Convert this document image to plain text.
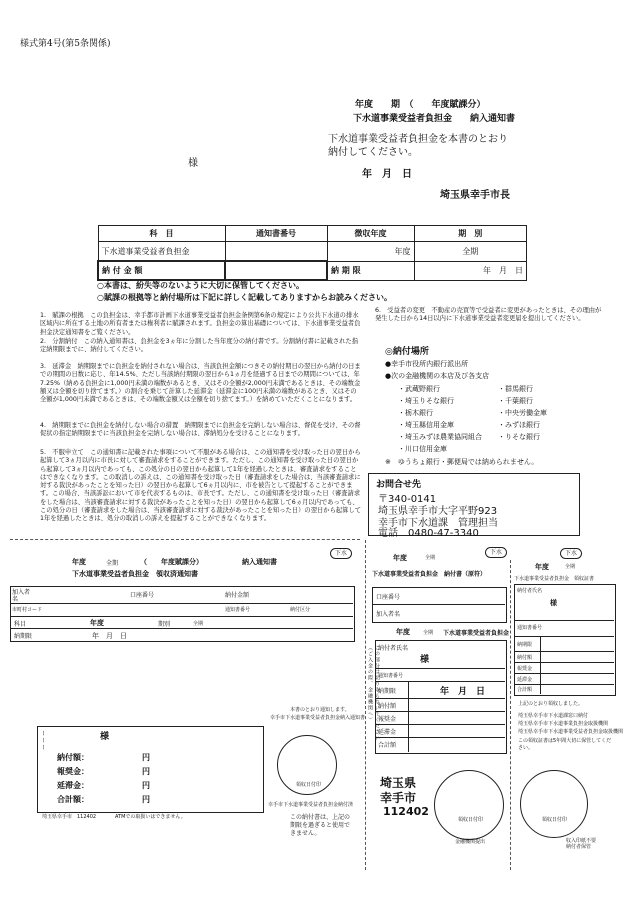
様式第4号(第5条関係)
年度　　期　（　　年度賦課分）
下水道事業受益者負担金　　納入通知書
下水道事業受益者負担金を本書のとおり
納付してください。
様
年　月　日
埼玉県幸手市長
科　目	通知書番号	徴収年度	期　別
下水道事業受益者負担金		年度	全期
納 付 金 額		納 期 限	年　月　日
○本書は、紛失等のないように大切に保管してください。
○賦課の根拠等と納付場所は下記に詳しく記載してありますからお読みください。
1.　賦課の根拠　この負担金は、幸手都市計画下水道事業受益者負担金条例第6条の規定により公共下水道の排水区域内に所在する土地の所有者または権利者に賦課されます。負担金の算出基礎については、下水道事業受益者負担金決定通知書をご覧ください。
2.　分割納付　この納入通知書は、負担金を3ヵ年に分割した当年度分の納付書です。分割納付書に記載された指定納期限までに、納付してください。
3.　延滞金　納期限までに負担金を納付されない場合は、当該負担金額につきその納付期日の翌日から納付の日までの期間の日数に応じ、年14.5%、ただし当該納付期限の翌日から1ヵ月を経過する日までの期間については、年7.25%（納める負担金に1,000円未満の端数があるとき、又はその全額が2,000円未満であるときは、その端数金額又は全額を切り捨てます。）の割合を乗じて計算した延滞金（延滞金に100円未満の端数があるとき、又はその全額が1,000円未満であるときは、その端数金額又は全額を切り捨てます。）を納めていただくことになります。
4.　納期限までに負担金を納付しない場合の措置　納期限までに負担金を完納しない場合は、督促を受け、その督促状の指定納期限までに当該負担金を完納しない場合は、滞納処分を受けることになります。
5.　不服申立て　この通知書に記載された事項について不服がある場合は、この通知書を受け取った日の翌日から起算して3ヵ月以内に市長に対して審査請求をすることができます。ただし、この通知書を受け取った日の翌日から起算して3ヵ月以内であっても、この処分の日の翌日から起算して1年を経過したときは、審査請求をすることはできなくなります。この取消しの訴えは、この通知書を受け取った日（審査請求をした場合は、当該審査請求に対する裁決があったことを知った日）の翌日から起算して6ヵ月以内に、市を被告として提起することができます。この場合、当該訴訟において市を代表するものは、市長です。ただし、この通知書を受け取った日（審査請求をした場合は、当該審査請求に対する裁決があったことを知った日）の翌日から起算して6ヵ月以内であっても、この処分の日（審査請求をした場合は、当該審査請求に対する裁決があったことを知った日）の翌日から起算して1年を経過したときは、処分の取消しの訴えを提起することができなくなります。
6.　受益者の変更　不動産の売買等で受益者に変更があったときは、その理由が発生した日から14日以内に下水道事業受益者変更届を提出してください。
◎納付場所
●幸手市役所内銀行派出所
●次の金融機関の本店及び各支店
・武蔵野銀行	・群馬銀行
・埼玉りそな銀行	・千葉銀行
・栃木銀行	・中央労働金庫
・埼玉縣信用金庫	・みずほ銀行
・埼玉みずほ農業協同組合 ・りそな銀行
・川口信用金庫
※　ゆうちょ銀行・郵便局では納められません。
お問合せ先
〒340-0141
埼玉県幸手市大字平野923
幸手市下水道課　管理担当
電話　0480-47-3340
年度	全期	（　　年度賦課分）	納入通知書
下水道事業受益者負担金　領収済通知書
下水
加入者名
口座番号	納付金額
市町村コード	通知書番号	納付区分
科目	年度	期別	全期
納期限	年　月　日
ーーー	様
納付額：	円
報奨金：	円
延滞金：	円
合計額：	円
埼玉県幸手市　112402	ATMでの取扱いはできません。
本書のとおり通知します。
幸手市下水道事業受益者負担金納入通知書
領収日付印
幸手市下水道事業受益者負担金納付済
この納付書は、上記の
期限を過ぎると使用で
きません。
年度	全期
下水
下水道事業受益者負担金　納付書（原符）
口座番号
加入者名
年度	全期 下水道事業受益者負担金
この部分は切り取らないでください（ご入金の際、金融機関へ） 納付者氏名
様
通知書番号
納期限	年　月　日
納付額
報奨金
延滞金
合計額
埼玉県
幸手市
112402
領収日付印
金融機関提出
下水
年度	全期
下水道事業受益者負担金　領収証書
納付者氏名
様
通知書番号
納期限
納付額
報奨金
延滞金
合計額
上記のとおり領収しました。
埼玉県幸手市下水道課窓口納付
埼玉県幸手市下水道事業負担金取扱機関
埼玉県幸手市下水道事業受益者負担金取扱機関
この領収証書は5年間大切に保管してください。
領収日付印
収入印紙不要
納付者保管
